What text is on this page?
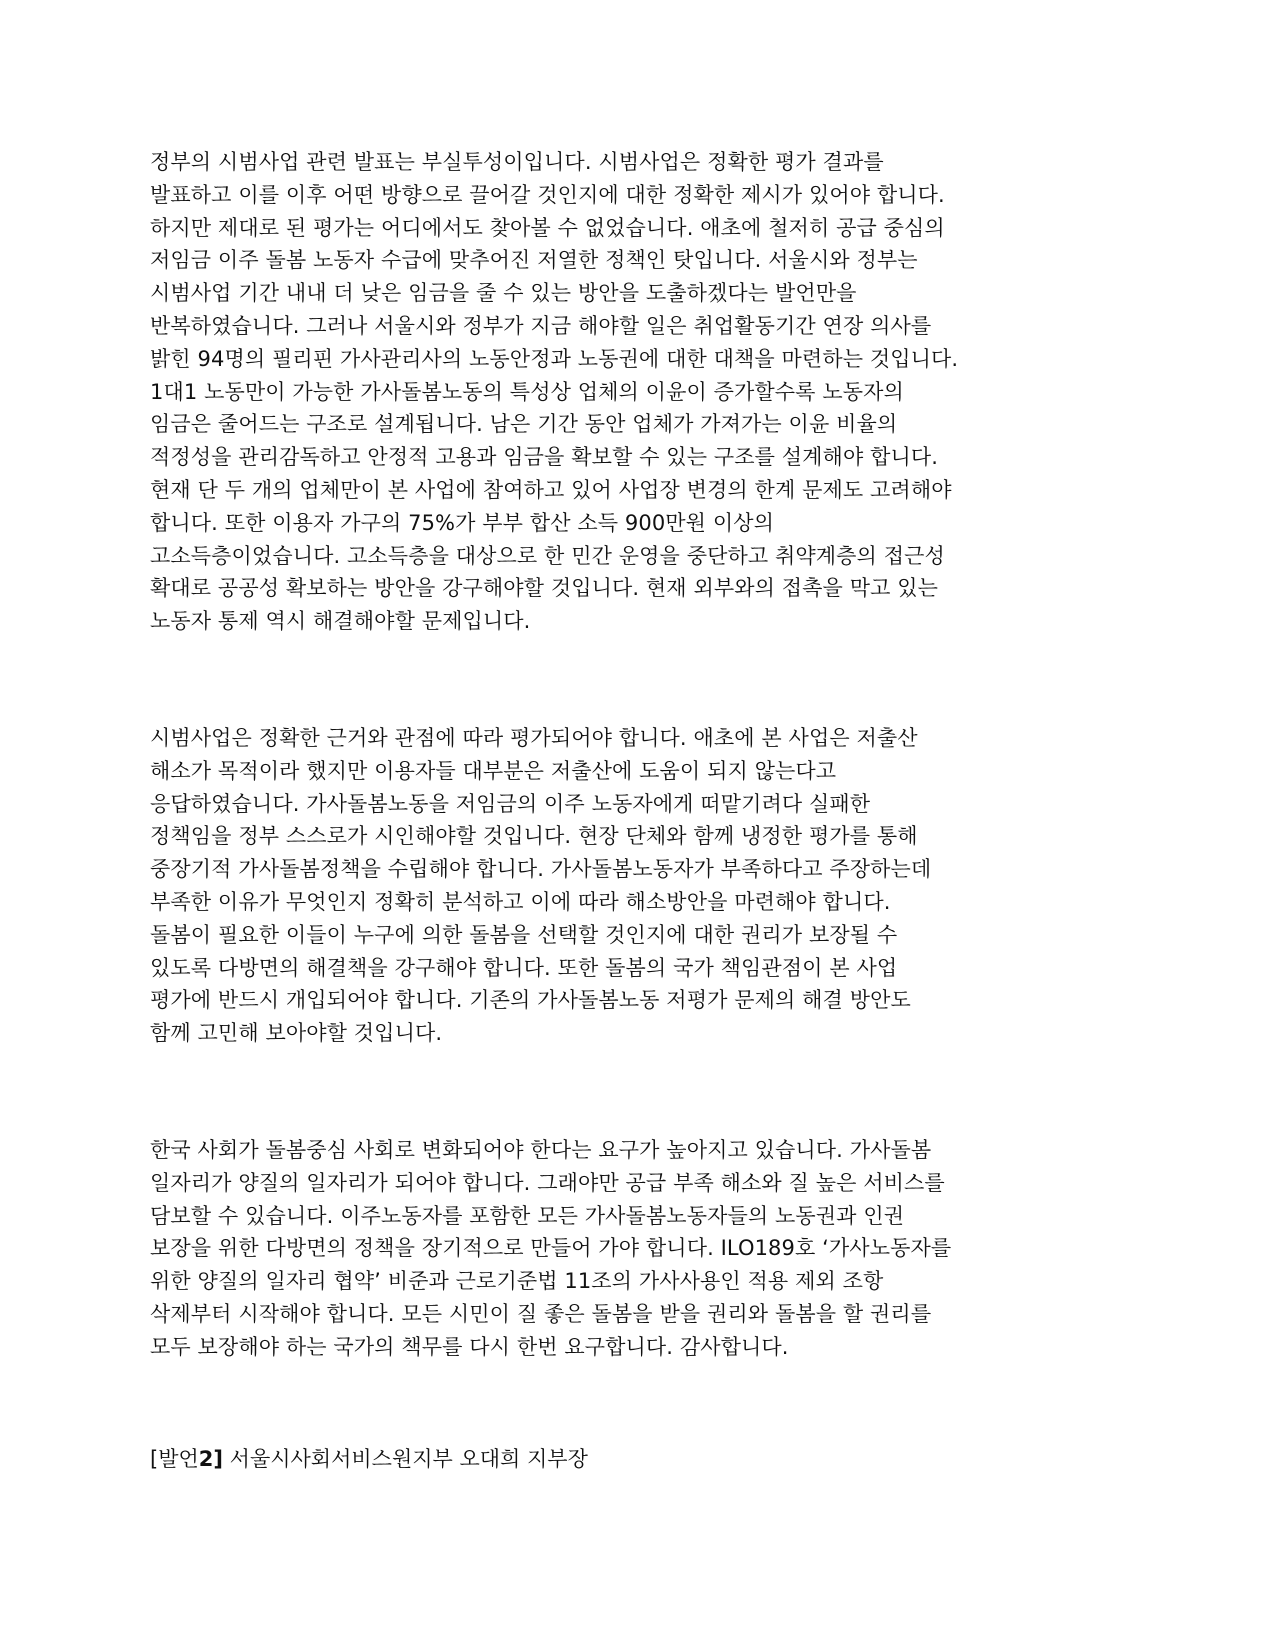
정부의 시범사업 관련 발표는 부실투성이입니다. 시범사업은 정확한 평가 결과를
발표하고 이를 이후 어떤 방향으로 끌어갈 것인지에 대한 정확한 제시가 있어야 합니다.
하지만 제대로 된 평가는 어디에서도 찾아볼 수 없었습니다. 애초에 철저히 공급 중심의
저임금 이주 돌봄 노동자 수급에 맞추어진 저열한 정책인 탓입니다. 서울시와 정부는
시범사업 기간 내내 더 낮은 임금을 줄 수 있는 방안을 도출하겠다는 발언만을
반복하였습니다. 그러나 서울시와 정부가 지금 해야할 일은 취업활동기간 연장 의사를
밝힌 94명의 필리핀 가사관리사의 노동안정과 노동권에 대한 대책을 마련하는 것입니다.
1대1 노동만이 가능한 가사돌봄노동의 특성상 업체의 이윤이 증가할수록 노동자의
임금은 줄어드는 구조로 설계됩니다. 남은 기간 동안 업체가 가져가는 이윤 비율의
적정성을 관리감독하고 안정적 고용과 임금을 확보할 수 있는 구조를 설계해야 합니다.
현재 단 두 개의 업체만이 본 사업에 참여하고 있어 사업장 변경의 한계 문제도 고려해야
합니다. 또한 이용자 가구의 75%가 부부 합산 소득 900만원 이상의
고소득층이었습니다. 고소득층을 대상으로 한 민간 운영을 중단하고 취약계층의 접근성
확대로 공공성 확보하는 방안을 강구해야할 것입니다. 현재 외부와의 접촉을 막고 있는
노동자 통제 역시 해결해야할 문제입니다.
시범사업은 정확한 근거와 관점에 따라 평가되어야 합니다. 애초에 본 사업은 저출산
해소가 목적이라 했지만 이용자들 대부분은 저출산에 도움이 되지 않는다고
응답하였습니다. 가사돌봄노동을 저임금의 이주 노동자에게 떠맡기려다 실패한
정책임을 정부 스스로가 시인해야할 것입니다. 현장 단체와 함께 냉정한 평가를 통해
중장기적 가사돌봄정책을 수립해야 합니다. 가사돌봄노동자가 부족하다고 주장하는데
부족한 이유가 무엇인지 정확히 분석하고 이에 따라 해소방안을 마련해야 합니다.
돌봄이 필요한 이들이 누구에 의한 돌봄을 선택할 것인지에 대한 권리가 보장될 수
있도록 다방면의 해결책을 강구해야 합니다. 또한 돌봄의 국가 책임관점이 본 사업
평가에 반드시 개입되어야 합니다. 기존의 가사돌봄노동 저평가 문제의 해결 방안도
함께 고민해 보아야할 것입니다.
한국 사회가 돌봄중심 사회로 변화되어야 한다는 요구가 높아지고 있습니다. 가사돌봄
일자리가 양질의 일자리가 되어야 합니다. 그래야만 공급 부족 해소와 질 높은 서비스를
담보할 수 있습니다. 이주노동자를 포함한 모든 가사돌봄노동자들의 노동권과 인권
보장을 위한 다방면의 정책을 장기적으로 만들어 가야 합니다. ILO189호 ‘가사노동자를
위한 양질의 일자리 협약’ 비준과 근로기준법 11조의 가사사용인 적용 제외 조항
삭제부터 시작해야 합니다. 모든 시민이 질 좋은 돌봄을 받을 권리와 돌봄을 할 권리를
모두 보장해야 하는 국가의 책무를 다시 한번 요구합니다. 감사합니다.
[발언2] 서울시사회서비스원지부 오대희 지부장
